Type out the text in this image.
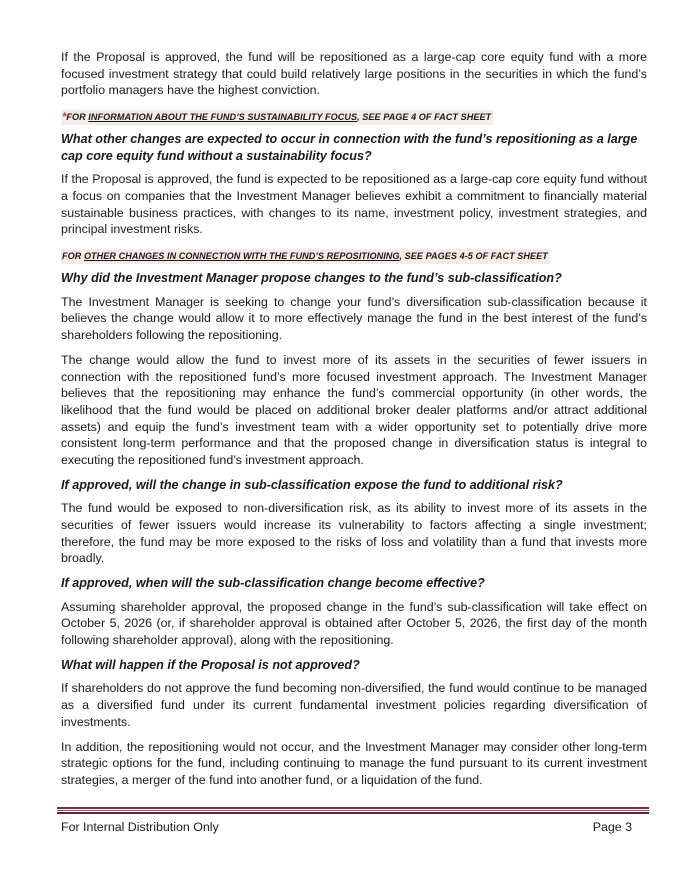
If the Proposal is approved, the fund will be repositioned as a large-cap core equity fund with a more focused investment strategy that could build relatively large positions in the securities in which the fund’s portfolio managers have the highest conviction.

*FOR INFORMATION ABOUT THE FUND’S SUSTAINABILITY FOCUS, SEE PAGE 4 OF FACT SHEET

What other changes are expected to occur in connection with the fund’s repositioning as a large cap core equity fund without a sustainability focus?

If the Proposal is approved, the fund is expected to be repositioned as a large-cap core equity fund without a focus on companies that the Investment Manager believes exhibit a commitment to financially material sustainable business practices, with changes to its name, investment policy, investment strategies, and principal investment risks.

FOR OTHER CHANGES IN CONNECTION WITH THE FUND’S REPOSITIONING, SEE PAGES 4-5 OF FACT SHEET

Why did the Investment Manager propose changes to the fund’s sub-classification?

The Investment Manager is seeking to change your fund’s diversification sub-classification because it believes the change would allow it to more effectively manage the fund in the best interest of the fund’s shareholders following the repositioning.

The change would allow the fund to invest more of its assets in the securities of fewer issuers in connection with the repositioned fund’s more focused investment approach. The Investment Manager believes that the repositioning may enhance the fund’s commercial opportunity (in other words, the likelihood that the fund would be placed on additional broker dealer platforms and/or attract additional assets) and equip the fund’s investment team with a wider opportunity set to potentially drive more consistent long-term performance and that the proposed change in diversification status is integral to executing the repositioned fund’s investment approach.

If approved, will the change in sub-classification expose the fund to additional risk?

The fund would be exposed to non-diversification risk, as its ability to invest more of its assets in the securities of fewer issuers would increase its vulnerability to factors affecting a single investment; therefore, the fund may be more exposed to the risks of loss and volatility than a fund that invests more broadly.

If approved, when will the sub-classification change become effective?

Assuming shareholder approval, the proposed change in the fund’s sub-classification will take effect on October 5, 2026 (or, if shareholder approval is obtained after October 5, 2026, the first day of the month following shareholder approval), along with the repositioning.

What will happen if the Proposal is not approved?

If shareholders do not approve the fund becoming non-diversified, the fund would continue to be managed as a diversified fund under its current fundamental investment policies regarding diversification of investments.

In addition, the repositioning would not occur, and the Investment Manager may consider other long-term strategic options for the fund, including continuing to manage the fund pursuant to its current investment strategies, a merger of the fund into another fund, or a liquidation of the fund.

For Internal Distribution Only	Page 3
